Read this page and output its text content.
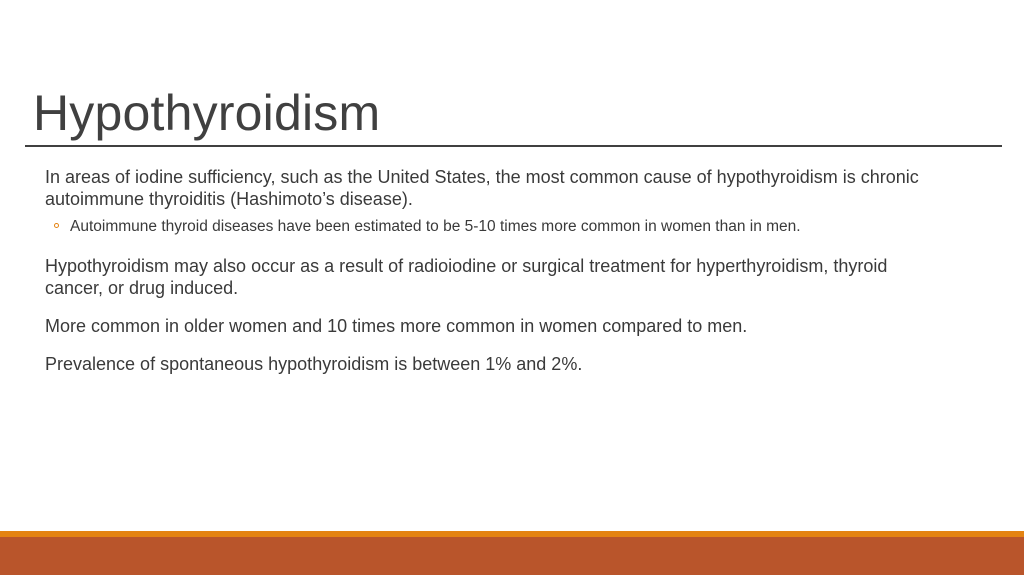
Hypothyroidism

In areas of iodine sufficiency, such as the United States, the most common cause of hypothyroidism is chronic autoimmune thyroiditis (Hashimoto’s disease).

Autoimmune thyroid diseases have been estimated to be 5-10 times more common in women than in men.

Hypothyroidism may also occur as a result of radioiodine or surgical treatment for hyperthyroidism, thyroid cancer, or drug induced.

More common in older women and 10 times more common in women compared to men.

Prevalence of spontaneous hypothyroidism is between 1% and 2%.
